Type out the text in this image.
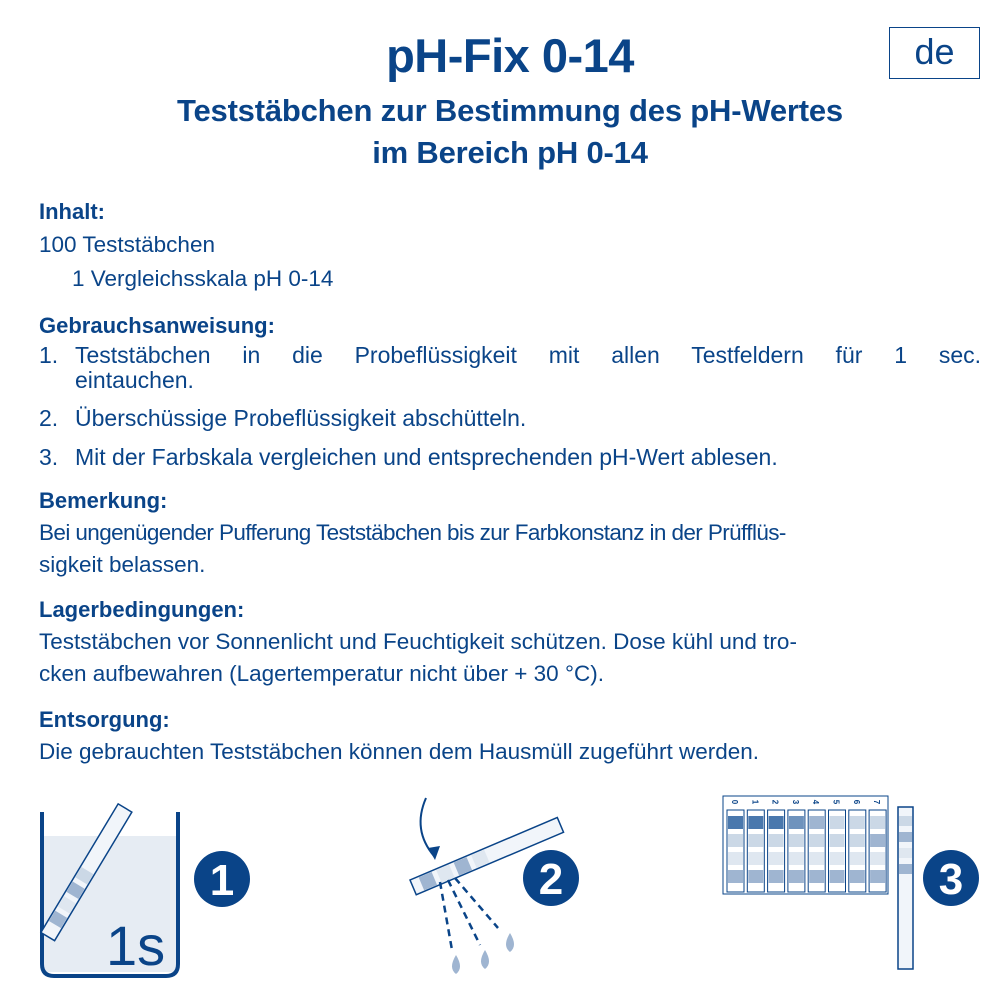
pH-Fix 0-14	de
Teststäbchen zur Bestimmung des pH-Wertes
im Bereich pH 0-14
Inhalt:
100 Teststäbchen
1 Vergleichsskala pH 0-14
Gebrauchsanweisung:
1. Teststäbchen in die Probeflüssigkeit mit allen Testfeldern für 1 sec.
eintauchen.
2. Überschüssige Probeflüssigkeit abschütteln.
3. Mit der Farbskala vergleichen und entsprechenden pH-Wert ablesen.
Bemerkung:
Bei ungenügender Pufferung Teststäbchen bis zur Farbkonstanz in der Prüfflüs-
sigkeit belassen.
Lagerbedingungen:
Teststäbchen vor Sonnenlicht und Feuchtigkeit schützen. Dose kühl und tro-
cken aufbewahren (Lagertemperatur nicht über + 30 °C).
Entsorgung:
Die gebrauchten Teststäbchen können dem Hausmüll zugeführt werden.
1s
1	2
0 1 2 3 4 5 6 7
3
